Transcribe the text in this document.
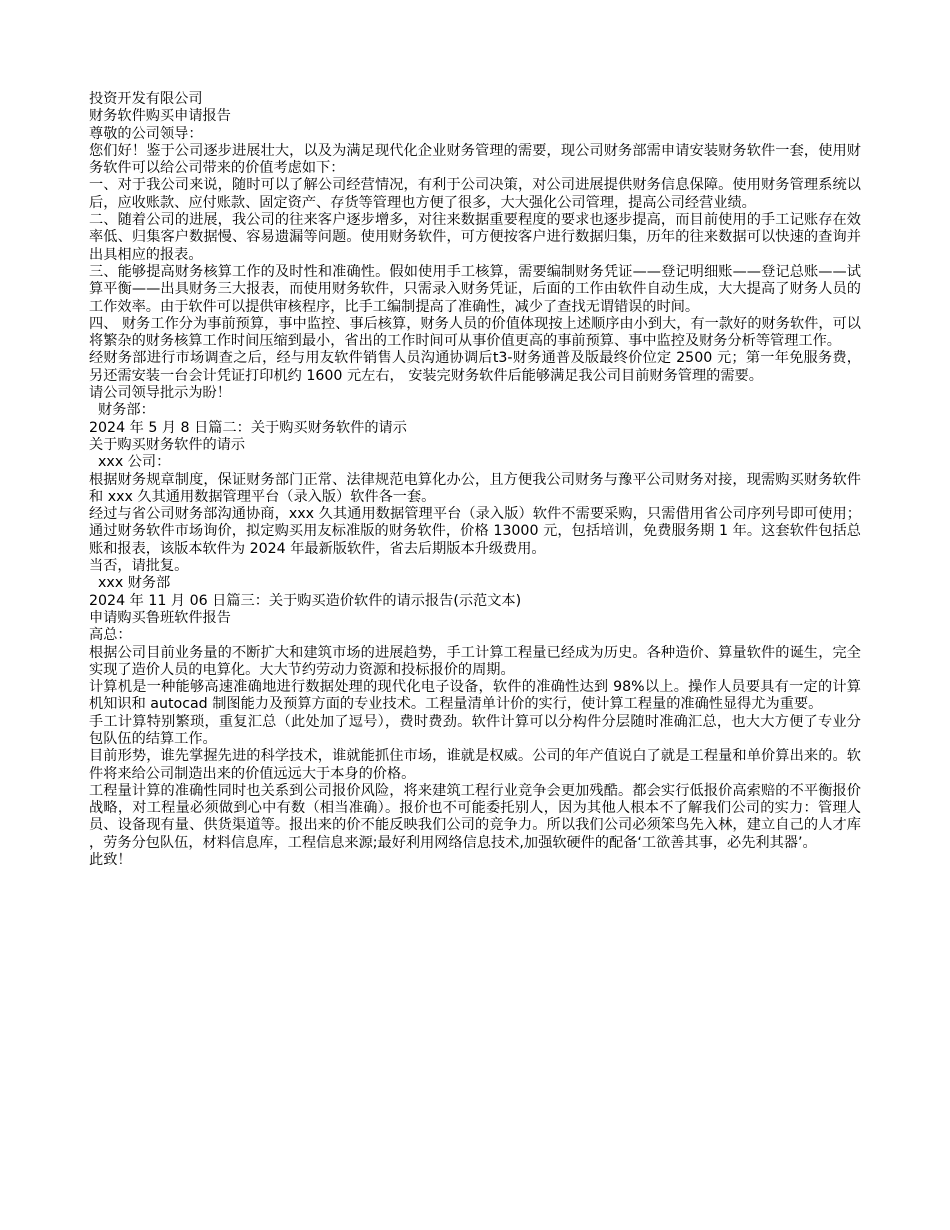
投资开发有限公司

财务软件购买申请报告

尊敬的公司领导：

您们好！鉴于公司逐步进展壮大，以及为满足现代化企业财务管理的需要，现公司财务部需申请安装财务软件一套，使用财务软件可以给公司带来的价值考虑如下：

一、对于我公司来说，随时可以了解公司经营情况，有利于公司决策，对公司进展提供财务信息保障。使用财务管理系统以后，应收账款、应付账款、固定资产、存货等管理也方便了很多，大大强化公司管理，提高公司经营业绩。

二、随着公司的进展，我公司的往来客户逐步增多，对往来数据重要程度的要求也逐步提高，而目前使用的手工记账存在效率低、归集客户数据慢、容易遗漏等问题。使用财务软件，可方便按客户进行数据归集，历年的往来数据可以快速的查询并出具相应的报表。

三、能够提高财务核算工作的及时性和准确性。假如使用手工核算，需要编制财务凭证——登记明细账——登记总账——试算平衡——出具财务三大报表，而使用财务软件，只需录入财务凭证，后面的工作由软件自动生成，大大提高了财务人员的工作效率。由于软件可以提供审核程序，比手工编制提高了准确性，减少了查找无谓错误的时间。

四、 财务工作分为事前预算，事中监控、事后核算，财务人员的价值体现按上述顺序由小到大，有一款好的财务软件，可以将繁杂的财务核算工作时间压缩到最小，省出的工作时间可从事价值更高的事前预算、事中监控及财务分析等管理工作。

经财务部进行市场调查之后，经与用友软件销售人员沟通协调后t3-财务通普及版最终价位定 2500 元；第一年免服务费，另还需安装一台会计凭证打印机约 1600 元左右， 安装完财务软件后能够满足我公司目前财务管理的需要。

请公司领导批示为盼！

财务部：

2024 年 5 月 8 日篇二：关于购买财务软件的请示

关于购买财务软件的请示

xxx 公司：

根据财务规章制度，保证财务部门正常、法律规范电算化办公，且方便我公司财务与豫平公司财务对接，现需购买财务软件和 xxx 久其通用数据管理平台（录入版）软件各一套。

经过与省公司财务部沟通协商，xxx 久其通用数据管理平台（录入版）软件不需要采购，只需借用省公司序列号即可使用；通过财务软件市场询价，拟定购买用友标准版的财务软件，价格 13000 元，包括培训，免费服务期 1 年。这套软件包括总账和报表，该版本软件为 2024 年最新版软件，省去后期版本升级费用。

当否，请批复。

xxx 财务部

2024 年 11 月 06 日篇三：关于购买造价软件的请示报告(示范文本)

申请购买鲁班软件报告

高总：

根据公司目前业务量的不断扩大和建筑市场的进展趋势，手工计算工程量已经成为历史。各种造价、算量软件的诞生，完全实现了造价人员的电算化。大大节约劳动力资源和投标报价的周期。

计算机是一种能够高速准确地进行数据处理的现代化电子设备，软件的准确性达到 98%以上。操作人员要具有一定的计算机知识和 autocad 制图能力及预算方面的专业技术。工程量清单计价的实行，使计算工程量的准确性显得尤为重要。

手工计算特别繁琐，重复汇总（此处加了逗号），费时费劲。软件计算可以分构件分层随时准确汇总，也大大方便了专业分包队伍的结算工作。

目前形势，谁先掌握先进的科学技术，谁就能抓住市场，谁就是权威。公司的年产值说白了就是工程量和单价算出来的。软件将来给公司制造出来的价值远远大于本身的价格。

工程量计算的准确性同时也关系到公司报价风险，将来建筑工程行业竞争会更加残酷。都会实行低报价高索赔的不平衡报价战略，对工程量必须做到心中有数（相当准确）。报价也不可能委托别人，因为其他人根本不了解我们公司的实力：管理人员、设备现有量、供货渠道等。报出来的价不能反映我们公司的竞争力。所以我们公司必须笨鸟先入林，建立自己的人才库，劳务分包队伍，材料信息库，工程信息来源;最好利用网络信息技术,加强软硬件的配备‘工欲善其事，必先利其器’。

此致！
